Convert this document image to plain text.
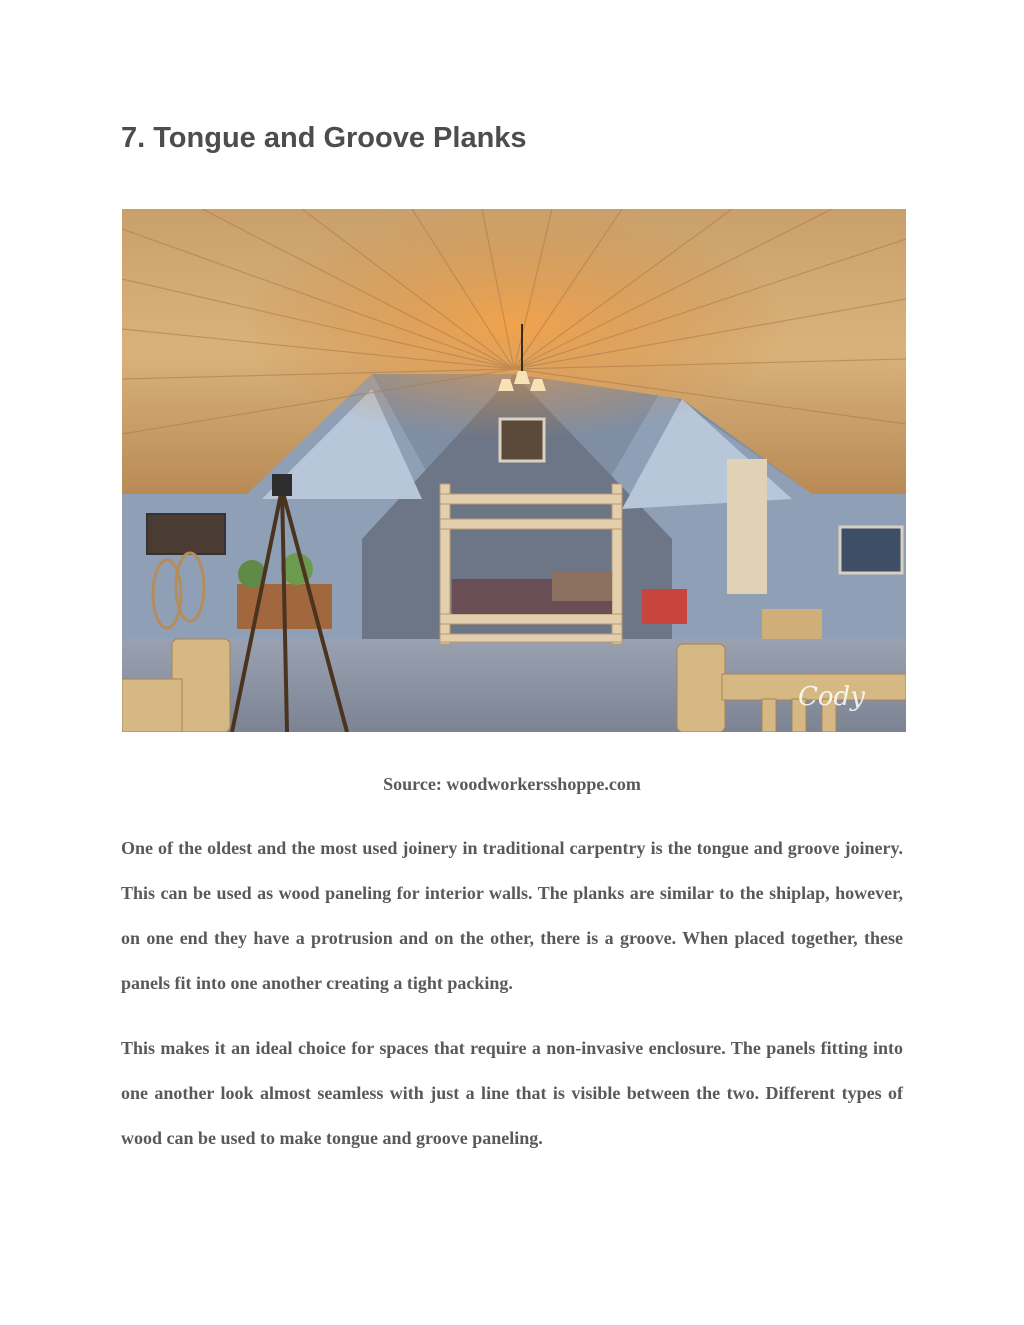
7. Tongue and Groove Planks
Cody
Source: woodworkersshoppe.com

One of the oldest and the most used joinery in traditional carpentry is the tongue and groove joinery. This can be used as wood paneling for interior walls. The planks are similar to the shiplap, however, on one end they have a protrusion and on the other, there is a groove. When placed together, these panels fit into one another creating a tight packing.

This makes it an ideal choice for spaces that require a non-invasive enclosure. The panels fitting into one another look almost seamless with just a line that is visible between the two. Different types of wood can be used to make tongue and groove paneling.
